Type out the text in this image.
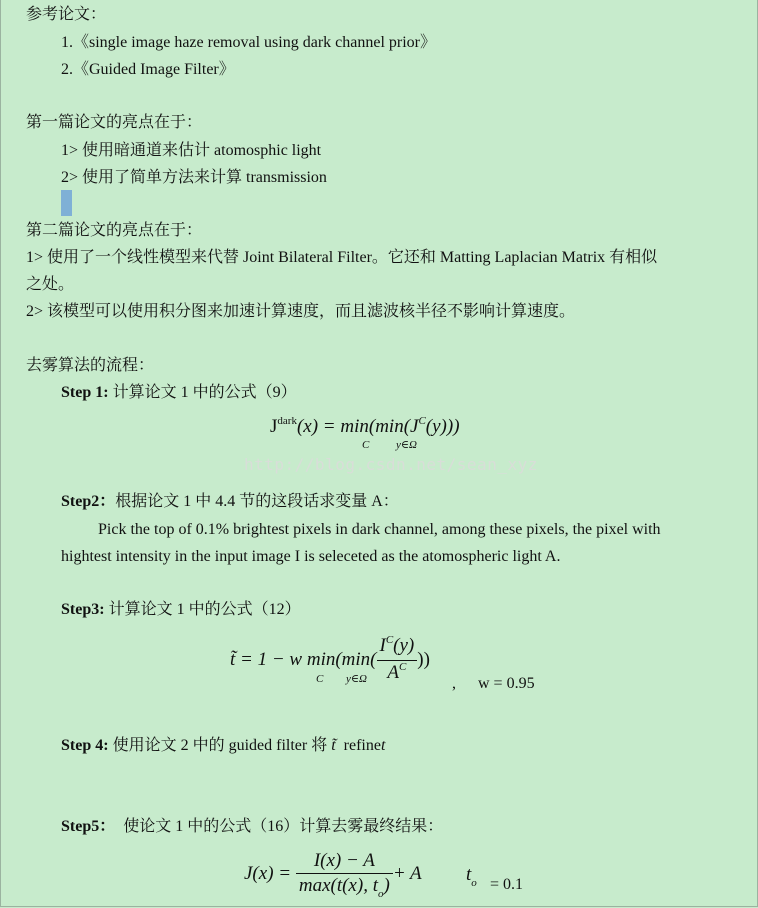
参考论文：
1.《single image haze removal using dark channel prior》
2.《Guided Image Filter》
第一篇论文的亮点在于：
1> 使用暗通道来估计 atomosphic light
2> 使用了简单方法来计算 transmission
第二篇论文的亮点在于：
1> 使用了一个线性模型来代替 Joint Bilateral Filter。它还和 Matting Laplacian Matrix 有相似
之处。
2> 该模型可以使用积分图来加速计算速度，而且滤波核半径不影响计算速度。
去雾算法的流程：
Step 1: 计算论文 1 中的公式（9）
$J^{dark}(x) = \min(\min(J^C(y)))$
C y∈Ω
http://blog.csdn.net/sean_xyz
Step2：根据论文 1 中 4.4 节的这段话求变量 A：
Pick the top of 0.1% brightest pixels in dark channel, among these pixels, the pixel with
hightest intensity in the input image I is seleceted as the atomospheric light A.
Step3: 计算论文 1 中的公式（12）
t̃ = 1 − w $\min(\min( \frac{I^C(y)}{A^C}$ ))
C y∈Ω	, w = 0.95
Step 4: 使用论文 2 中的 guided filter 将 t̃ refinet
Step5： 使论文 1 中的公式（16）计算去雾最终结果：
$J(x) = \frac{I(x) - A}{\max(t(x), t_o)} + A$ $t_o = 0.1$
